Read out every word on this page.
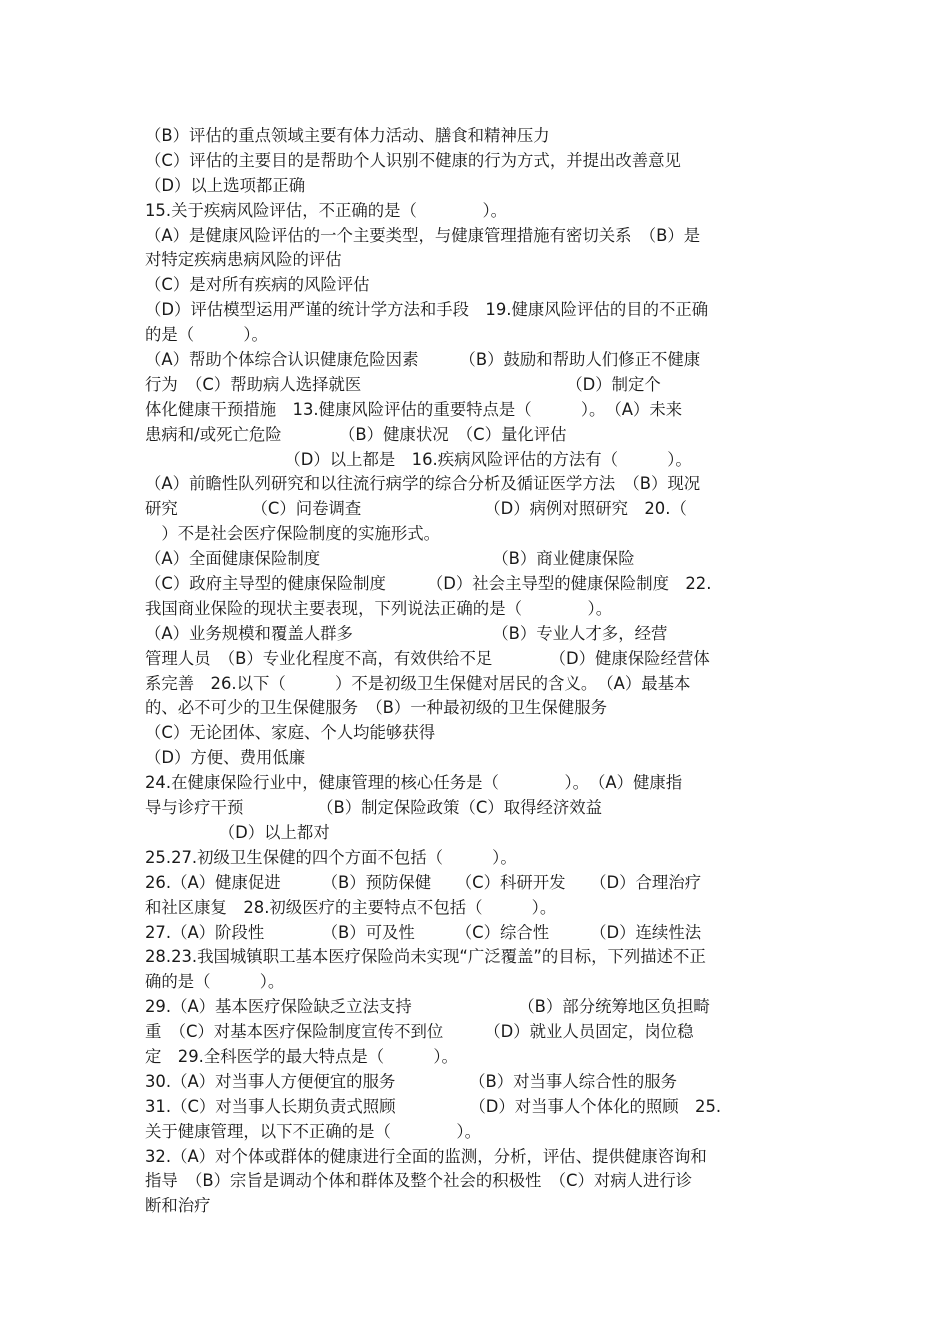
（B）评估的重点领域主要有体力活动、膳食和精神压力
（C）评估的主要目的是帮助个人识别不健康的行为方式，并提出改善意见
（D）以上选项都正确
15.关于疾病风险评估，不正确的是（　　　　）。
（A）是健康风险评估的一个主要类型，与健康管理措施有密切关系　（B）是
对特定疾病患病风险的评估
（C）是对所有疾病的风险评估
（D）评估模型运用严谨的统计学方法和手段　19.健康风险评估的目的不正确
的是（　　　）。
（A）帮助个体综合认识健康危险因素　　　（B）鼓励和帮助人们修正不健康
行为　（C）帮助病人选择就医　　　　　　　　　　　　　（D）制定个
体化健康干预措施　13.健康风险评估的重要特点是（　　　）。　（A）未来
患病和/或死亡危险　　　　（B）健康状况　（C）量化评估
　　　　　　　　　（D）以上都是　16.疾病风险评估的方法有（　　　）。
（A）前瞻性队列研究和以往流行病学的综合分析及循证医学方法　（B）现况
研究　　　　　（C）问卷调查　　　　　　　　（D）病例对照研究　20.（
　）不是社会医疗保险制度的实施形式。
（A）全面健康保险制度　　　　　　　　　　　（B）商业健康保险
（C）政府主导型的健康保险制度　　　（D）社会主导型的健康保险制度　22.
我国商业保险的现状主要表现，下列说法正确的是（　　　　）。
（A）业务规模和覆盖人群多　　　　　　　　　（B）专业人才多，经营
管理人员　（B）专业化程度不高，有效供给不足　　　　（D）健康保险经营体
系完善　26.以下（　　　）不是初级卫生保健对居民的含义。　（A）最基本
的、必不可少的卫生保健服务　（B）一种最初级的卫生保健服务
（C）无论团体、家庭、个人均能够获得
（D）方便、费用低廉
24.在健康保险行业中，健康管理的核心任务是（　　　　）。　（A）健康指
导与诊疗干预　　　　　（B）制定保险政策（C）取得经济效益
　　　　　（D）以上都对
25.27.初级卫生保健的四个方面不包括（　　　）。
26.（A）健康促进　　　（B）预防保健　　（C）科研开发　　（D）合理治疗
和社区康复　28.初级医疗的主要特点不包括（　　　）。
27.（A）阶段性　　　　（B）可及性　　　（C）综合性　　　（D）连续性法
28.23.我国城镇职工基本医疗保险尚未实现“广泛覆盖”的目标，下列描述不正
确的是（　　　）。
29.（A）基本医疗保险缺乏立法支持　　　　　　　（B）部分统筹地区负担畸
重　（C）对基本医疗保险制度宣传不到位　　　（D）就业人员固定，岗位稳
定　29.全科医学的最大特点是（　　　）。
30.（A）对当事人方便便宜的服务　　　　　（B）对当事人综合性的服务
31.（C）对当事人长期负责式照顾　　　　　（D）对当事人个体化的照顾　25.
关于健康管理，以下不正确的是（　　　　）。
32.（A）对个体或群体的健康进行全面的监测，分析，评估、提供健康咨询和
指导　（B）宗旨是调动个体和群体及整个社会的积极性　（C）对病人进行诊
断和治疗
